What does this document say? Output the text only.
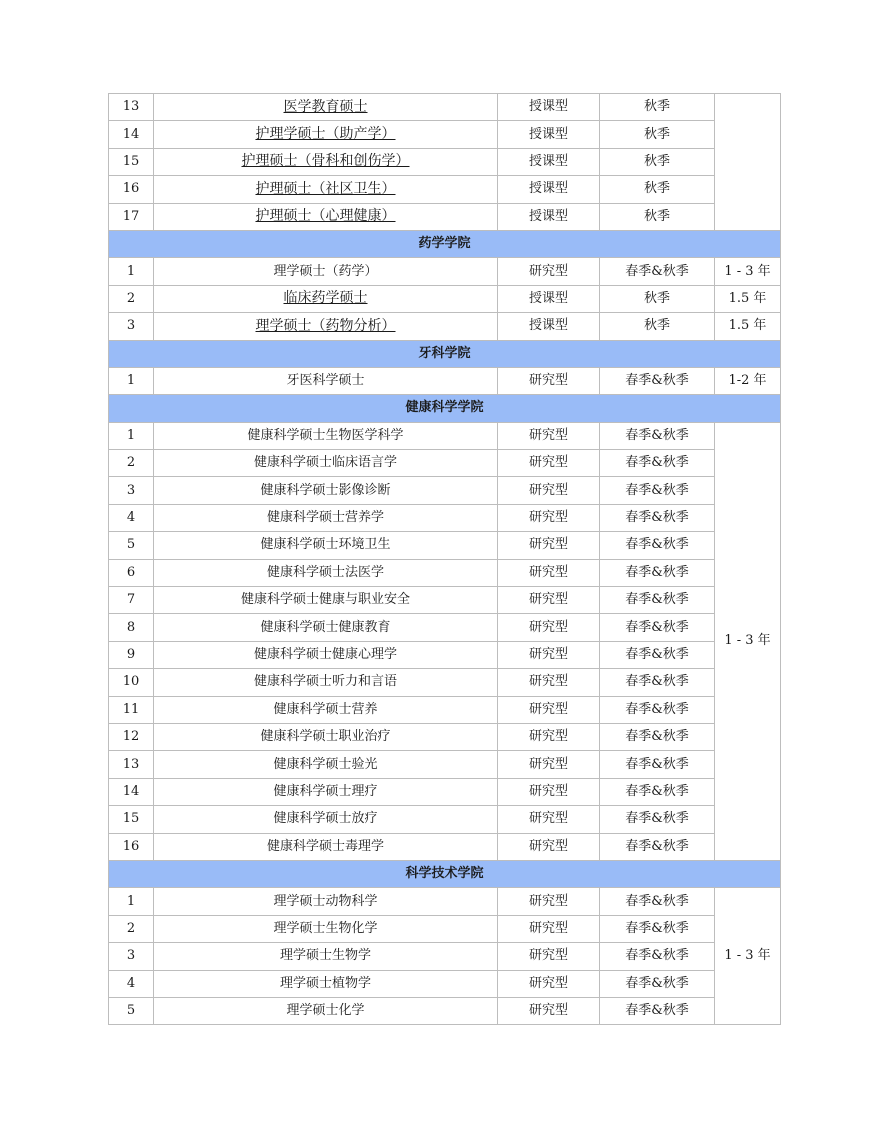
13	医学教育硕士	授课型	秋季	
14	护理学硕士（助产学）	授课型	秋季	
15	护理硕士（骨科和创伤学）	授课型	秋季	
16	护理硕士（社区卫生）	授课型	秋季	
17	护理硕士（心理健康）	授课型	秋季	
药学学院				
1	理学硕士（药学）	研究型	春季&秋季	1 - 3 年
2	临床药学硕士	授课型	秋季	1.5 年
3	理学硕士（药物分析）	授课型	秋季	1.5 年
牙科学院				
1	牙医科学硕士	研究型	春季&秋季	1-2 年
健康科学学院				
1	健康科学硕士生物医学科学	研究型	春季&秋季	1 - 3 年
2	健康科学硕士临床语言学	研究型	春季&秋季	
3	健康科学硕士影像诊断	研究型	春季&秋季	
4	健康科学硕士营养学	研究型	春季&秋季	
5	健康科学硕士环境卫生	研究型	春季&秋季	
6	健康科学硕士法医学	研究型	春季&秋季	
7	健康科学硕士健康与职业安全	研究型	春季&秋季	
8	健康科学硕士健康教育	研究型	春季&秋季	
9	健康科学硕士健康心理学	研究型	春季&秋季	
10	健康科学硕士听力和言语	研究型	春季&秋季	
11	健康科学硕士营养	研究型	春季&秋季	
12	健康科学硕士职业治疗	研究型	春季&秋季	
13	健康科学硕士验光	研究型	春季&秋季	
14	健康科学硕士理疗	研究型	春季&秋季	
15	健康科学硕士放疗	研究型	春季&秋季	
16	健康科学硕士毒理学	研究型	春季&秋季	
科学技术学院				
1	理学硕士动物科学	研究型	春季&秋季	1 - 3 年
2	理学硕士生物化学	研究型	春季&秋季	
3	理学硕士生物学	研究型	春季&秋季	
4	理学硕士植物学	研究型	春季&秋季	
5	理学硕士化学	研究型	春季&秋季	
